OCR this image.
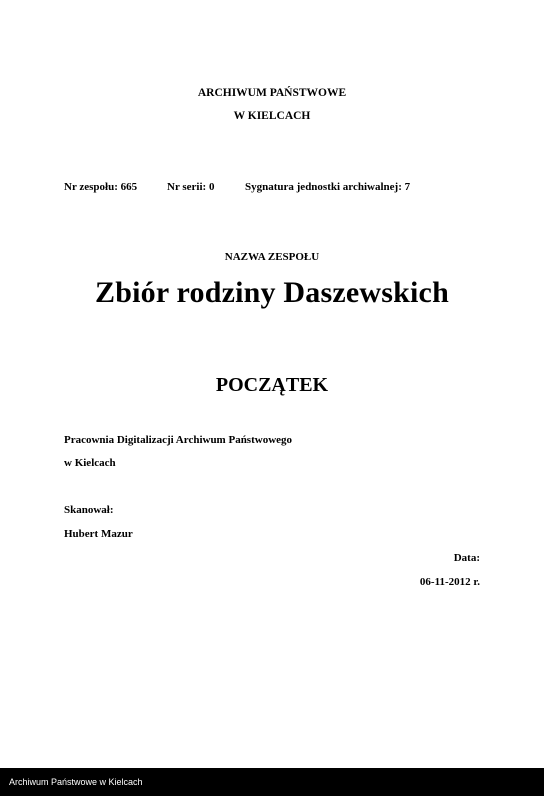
ARCHIWUM PAŃSTWOWE
W KIELCACH
Nr zespołu: 665	Nr serii: 0	Sygnatura jednostki archiwalnej: 7
NAZWA ZESPOŁU
Zbiór rodziny Daszewskich
POCZĄTEK
Pracownia Digitalizacji Archiwum Państwowego
w Kielcach
Skanował:
Hubert Mazur
Data:
06-11-2012 r.
Archiwum Państwowe w Kielcach
